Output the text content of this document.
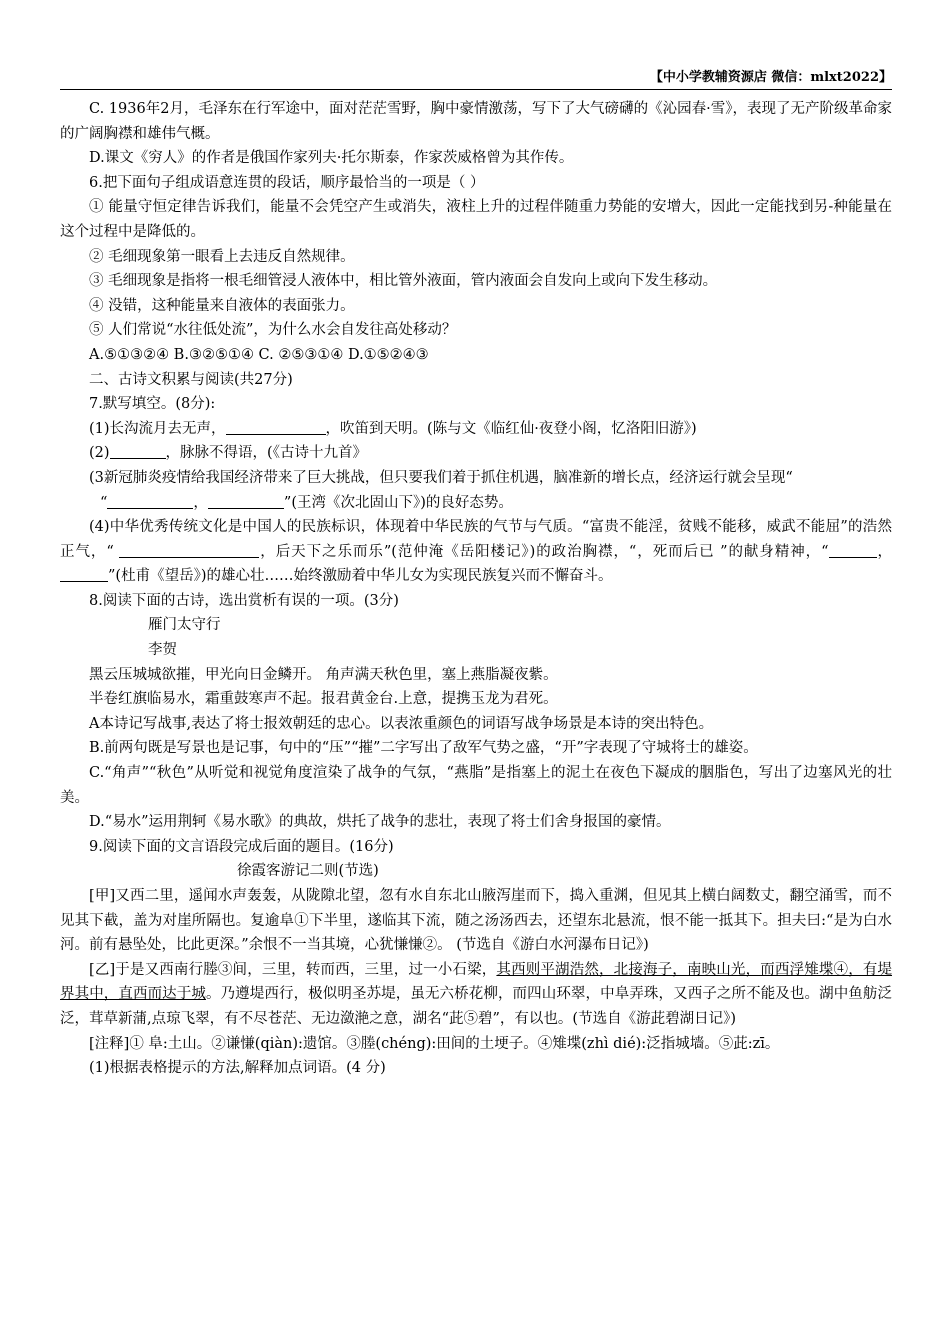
【中小学教辅资源店 微信：mlxt2022】

C. 1936年2月，毛泽东在行军途中，面对茫茫雪野，胸中豪情激荡，写下了大气磅礴的《沁园春·雪》，表现了无产阶级革命家的广阔胸襟和雄伟气概。

D.课文《穷人》的作者是俄国作家列夫·托尔斯泰，作家茨威格曾为其作传。

6.把下面句子组成语意连贯的段话，顺序最恰当的一项是（ ）

① 能量守恒定律告诉我们，能量不会凭空产生或消失，液柱上升的过程伴随重力势能的安增大，因此一定能找到另-种能量在这个过程中是降低的。

② 毛细现象第一眼看上去违反自然规律。

③ 毛细现象是指将一根毛细管浸人液体中，相比管外液面，管内液面会自发向上或向下发生移动。

④ 没错，这种能量来自液体的表面张力。

⑤ 人们常说“水往低处流”，为什么水会自发往高处移动？

A.⑤①③②④ B.③②⑤①④ C. ②⑤③①④ D.①⑤②④③

二、古诗文积累与阅读(共27分)

7.默写填空。(8分):

(1)长沟流月去无声，	，吹笛到天明。(陈与文《临红仙·夜登小阁，忆洛阳旧游》)

(2)	，脉脉不得语，(《古诗十九首》

(3新冠肺炎疫情给我国经济带来了巨大挑战，但只要我们着于抓住机遇，脑准新的增长点，经济运行就会呈现“

“	，	”(王湾《次北固山下》)的良好态势。

(4)中华优秀传统文化是中国人的民族标识，体现着中华民族的气节与气质。“富贵不能淫，贫贱不能移，威武不能屈”的浩然正气，“	，后天下之乐而乐”(范仲淹《岳阳楼记》)的政治胸襟，“，死而后已 ”的献身精神，“	，”(杜甫《望岳》)的雄心壮……始终激励着中华儿女为实现民族复兴而不懈奋斗。

8.阅读下面的古诗，选出赏析有误的一项。(3分)

雁门太守行

李贺

黑云压城城欲摧，甲光向日金鳞开。 角声满天秋色里，塞上燕脂凝夜紫。

半卷红旗临易水，霜重鼓寒声不起。报君黄金台.上意，提携玉龙为君死。

A本诗记写战事,表达了将士报效朝廷的忠心。以表浓重颜色的词语写战争场景是本诗的突出特色。

B.前两句既是写景也是记事，句中的“压”“摧”二字写出了敌军气势之盛，“开”字表现了守城将士的雄姿。

C.“角声”“秋色”从听觉和视觉角度渲染了战争的气氛，“燕脂”是指塞上的泥土在夜色下凝成的胭脂色，写出了边塞风光的壮美。

D.“易水”运用荆轲《易水歌》的典故，烘托了战争的悲壮，表现了将士们舍身报国的豪情。

9.阅读下面的文言语段完成后面的题目。(16分)

徐霞客游记二则(节选)

[甲]又西二里，遥闻水声轰轰，从陇隙北望，忽有水自东北山腋泻崖而下，捣入重渊，但见其上横白阔数丈，翻空涌雪，而不见其下截，盖为对崖所隔也。复逾阜①下半里，遂临其下流，随之汤汤西去，还望东北悬流，恨不能一抵其下。担夫曰:“是为白水河。前有悬坠处，比此更深。”余恨不一当其境，心犹慊慊②。 (节选自《游白水河瀑布日记》)

[乙]于是又西南行塍③间，三里，转而西，三里，过一小石梁，其西则平湖浩然，北接海子，南映山光，而西浮雉堞④，有堤界其中，直西而达于城。乃遵堤西行，极似明圣苏堤，虽无六桥花柳，而四山环翠，中阜弄珠，又西子之所不能及也。湖中鱼舫泛泛，茸草新蒲,点琼飞翠，有不尽苍茫、无边潋滟之意，湖名“茈⑤碧”，有以也。(节选自《游茈碧湖日记》)

[注释]① 阜:土山。②谦慊(qiàn):遗馆。③塍(chéng):田间的土埂子。④雉堞(zhì dié):泛指城墙。⑤茈:zī。

(1)根据表格提示的方法,解释加点词语。(4 分)
